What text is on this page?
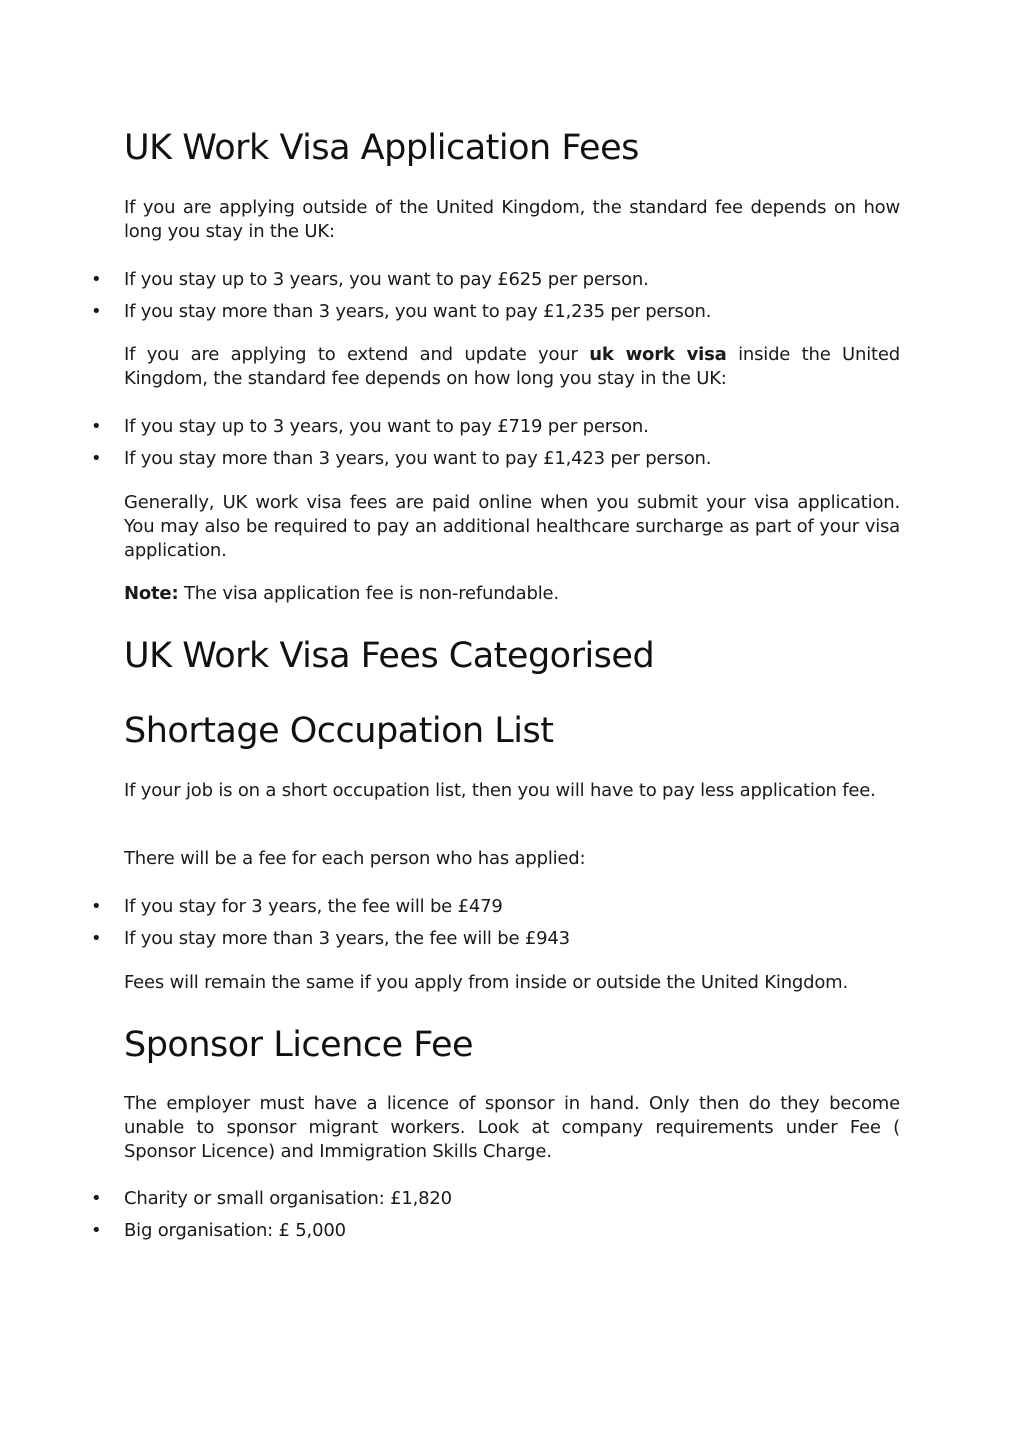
UK Work Visa Application Fees

If you are applying outside of the United Kingdom, the standard fee depends on how long you stay in the UK:

• If you stay up to 3 years, you want to pay £625 per person.
• If you stay more than 3 years, you want to pay £1,235 per person.

If you are applying to extend and update your uk work visa inside the United Kingdom, the standard fee depends on how long you stay in the UK:

• If you stay up to 3 years, you want to pay £719 per person.
• If you stay more than 3 years, you want to pay £1,423 per person.

Generally, UK work visa fees are paid online when you submit your visa application. You may also be required to pay an additional healthcare surcharge as part of your visa application.

Note: The visa application fee is non-refundable.

UK Work Visa Fees Categorised
Shortage Occupation List

If your job is on a short occupation list, then you will have to pay less application fee.

There will be a fee for each person who has applied:

• If you stay for 3 years, the fee will be £479
• If you stay more than 3 years, the fee will be £943

Fees will remain the same if you apply from inside or outside the United Kingdom.

Sponsor Licence Fee

The employer must have a licence of sponsor in hand. Only then do they become unable to sponsor migrant workers. Look at company requirements under Fee ( Sponsor Licence) and Immigration Skills Charge.

• Charity or small organisation: £1,820
• Big organisation: £ 5,000
